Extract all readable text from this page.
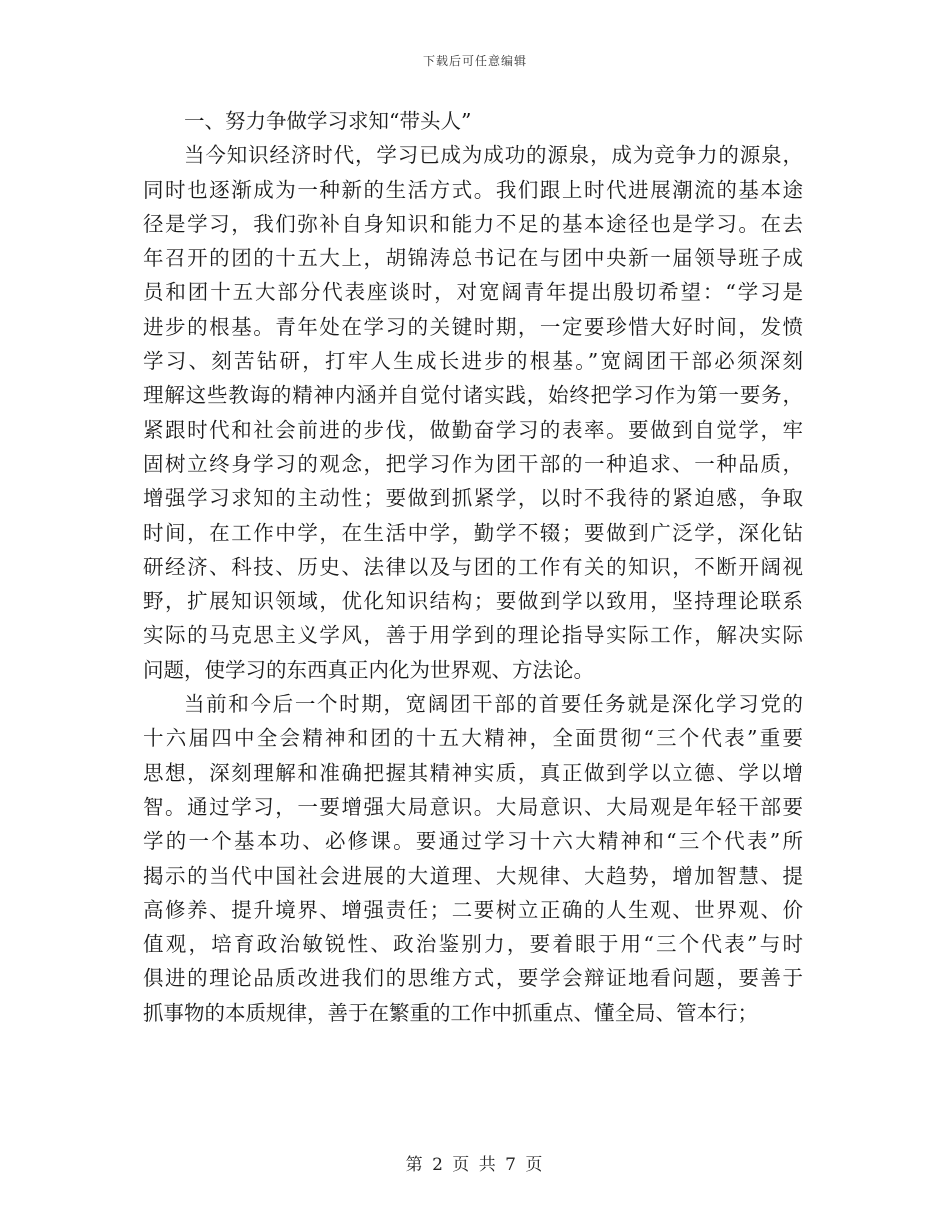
下载后可任意编辑
一、努力争做学习求知“带头人”
当今知识经济时代，学习已成为成功的源泉，成为竞争力的源泉，
同时也逐渐成为一种新的生活方式。我们跟上时代进展潮流的基本途
径是学习，我们弥补自身知识和能力不足的基本途径也是学习。在去
年召开的团的十五大上，胡锦涛总书记在与团中央新一届领导班子成
员和团十五大部分代表座谈时，对宽阔青年提出殷切希望：“学习是
进步的根基。青年处在学习的关键时期，一定要珍惜大好时间，发愤
学习、刻苦钻研，打牢人生成长进步的根基。”宽阔团干部必须深刻
理解这些教诲的精神内涵并自觉付诸实践，始终把学习作为第一要务，
紧跟时代和社会前进的步伐，做勤奋学习的表率。要做到自觉学，牢
固树立终身学习的观念，把学习作为团干部的一种追求、一种品质，
增强学习求知的主动性；要做到抓紧学，以时不我待的紧迫感，争取
时间，在工作中学，在生活中学，勤学不辍；要做到广泛学，深化钻
研经济、科技、历史、法律以及与团的工作有关的知识，不断开阔视
野，扩展知识领域，优化知识结构；要做到学以致用，坚持理论联系
实际的马克思主义学风，善于用学到的理论指导实际工作，解决实际
问题，使学习的东西真正内化为世界观、方法论。
当前和今后一个时期，宽阔团干部的首要任务就是深化学习党的
十六届四中全会精神和团的十五大精神，全面贯彻“三个代表”重要
思想，深刻理解和准确把握其精神实质，真正做到学以立德、学以增
智。通过学习，一要增强大局意识。大局意识、大局观是年轻干部要
学的一个基本功、必修课。要通过学习十六大精神和“三个代表”所
揭示的当代中国社会进展的大道理、大规律、大趋势，增加智慧、提
高修养、提升境界、增强责任；二要树立正确的人生观、世界观、价
值观，培育政治敏锐性、政治鉴别力，要着眼于用“三个代表”与时
俱进的理论品质改进我们的思维方式，要学会辩证地看问题，要善于
抓事物的本质规律，善于在繁重的工作中抓重点、懂全局、管本行；
第 2 页 共 7 页
